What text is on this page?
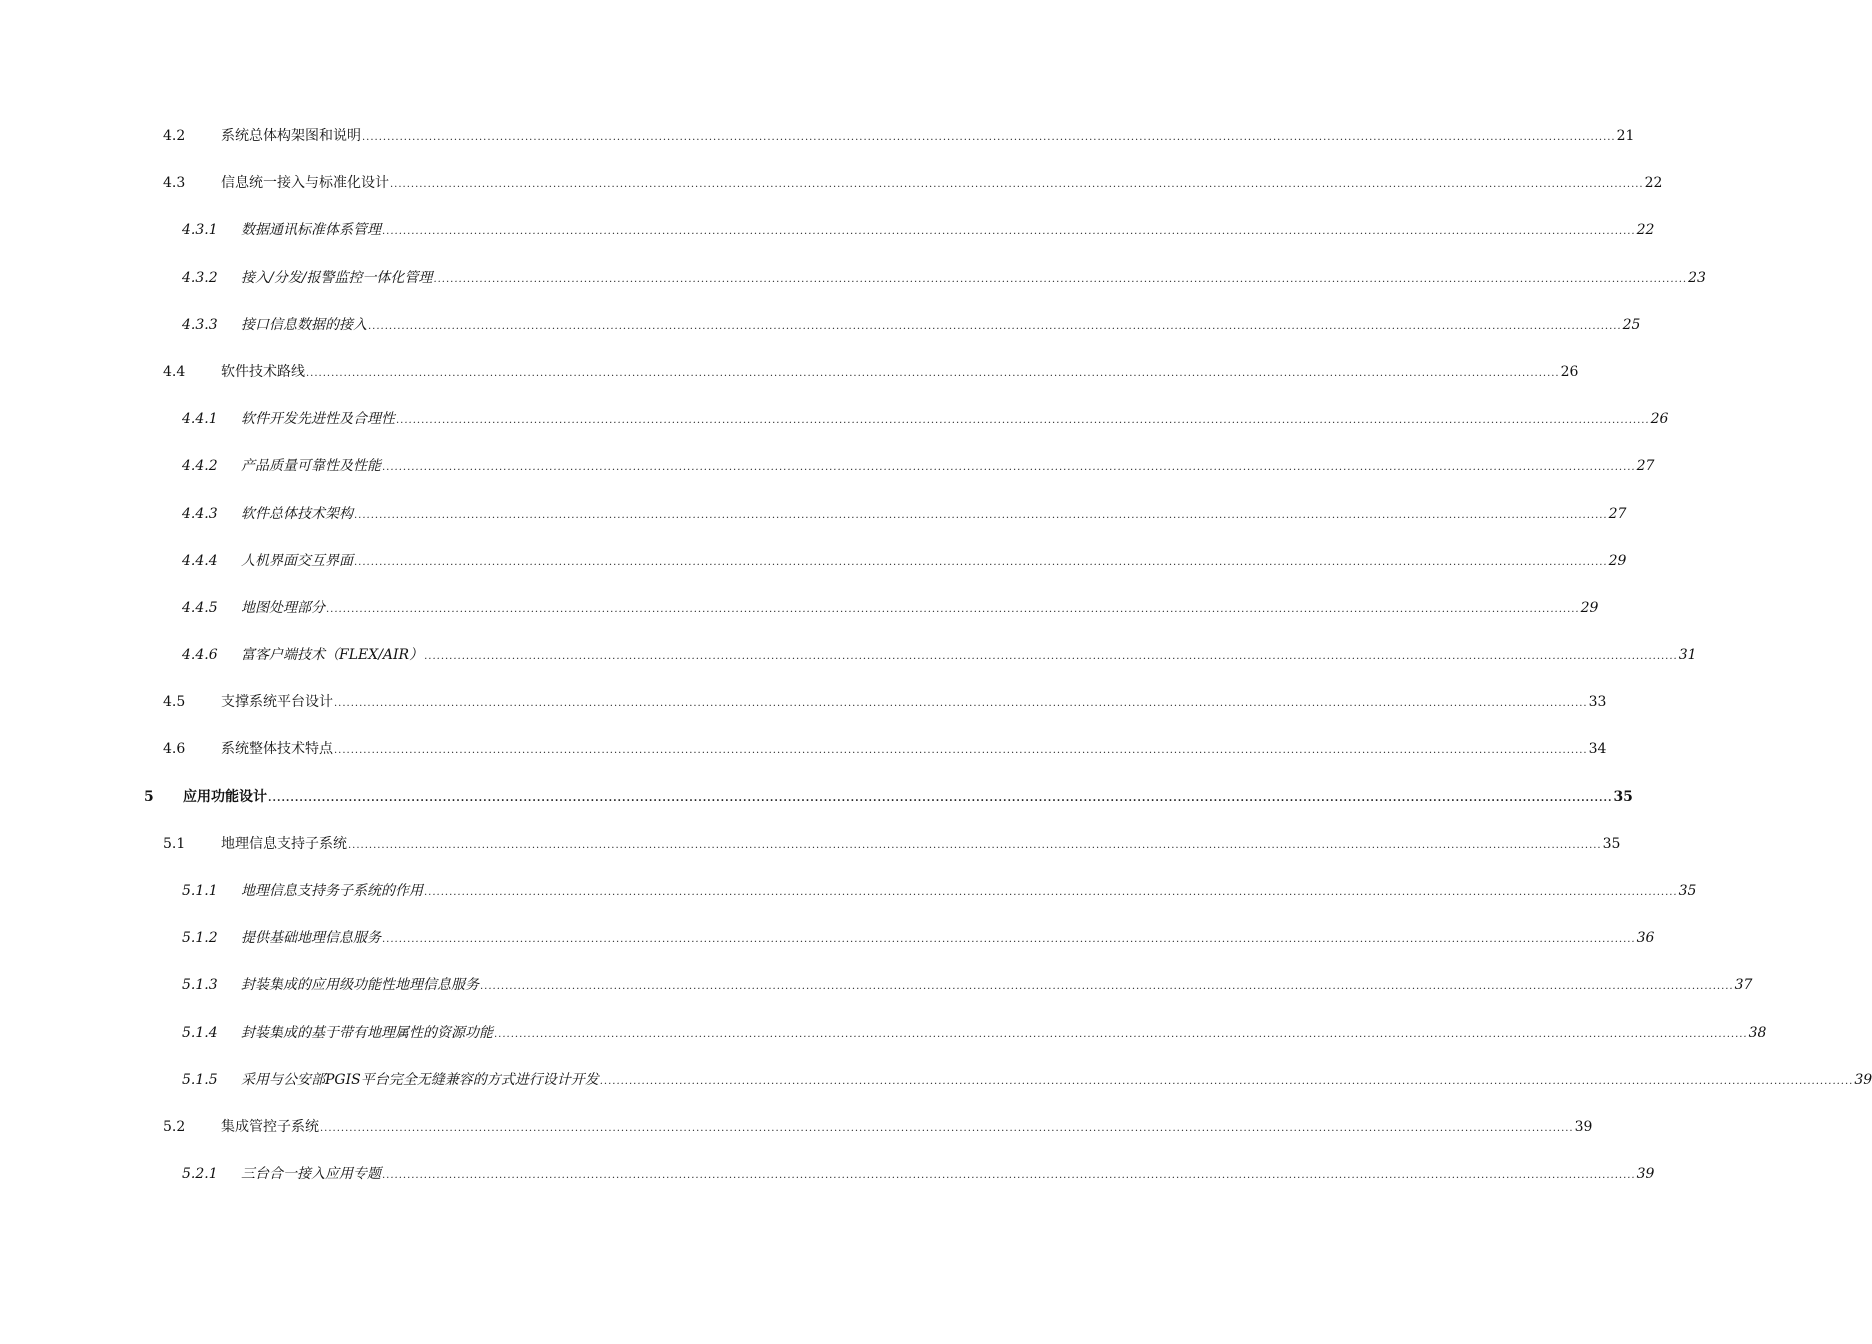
4.2	系统总体构架图和说明 ............................................................................................................................................................................................................................................................................................................ 21
4.3	信息统一接入与标准化设计 ............................................................................................................................................................................................................................................................................................................ 22
4.3.1 数据通讯标准体系管理 ............................................................................................................................................................................................................................................................................................................ 22
4.3.2 接入/分发/报警监控一体化管理 ............................................................................................................................................................................................................................................................................................................ 23
4.3.3 接口信息数据的接入 ............................................................................................................................................................................................................................................................................................................ 25
4.4	软件技术路线 ............................................................................................................................................................................................................................................................................................................ 26
4.4.1 软件开发先进性及合理性 ............................................................................................................................................................................................................................................................................................................ 26
4.4.2 产品质量可靠性及性能 ............................................................................................................................................................................................................................................................................................................ 27
4.4.3 软件总体技术架构 ............................................................................................................................................................................................................................................................................................................ 27
4.4.4 人机界面交互界面 ............................................................................................................................................................................................................................................................................................................ 29
4.4.5 地图处理部分 ............................................................................................................................................................................................................................................................................................................ 29
4.4.6 富客户端技术（FLEX/AIR） ............................................................................................................................................................................................................................................................................................................ 31
4.5	支撑系统平台设计 ............................................................................................................................................................................................................................................................................................................ 33
4.6	系统整体技术特点 ............................................................................................................................................................................................................................................................................................................ 34
5 应用功能设计 ............................................................................................................................................................................................................................................................................................................ 35
5.1	地理信息支持子系统 ............................................................................................................................................................................................................................................................................................................ 35
5.1.1 地理信息支持务子系统的作用 ............................................................................................................................................................................................................................................................................................................ 35
5.1.2 提供基础地理信息服务 ............................................................................................................................................................................................................................................................................................................ 36
5.1.3 封装集成的应用级功能性地理信息服务 ............................................................................................................................................................................................................................................................................................................ 37
5.1.4 封装集成的基于带有地理属性的资源功能 ............................................................................................................................................................................................................................................................................................................ 38
5.1.5 采用与公安部PGIS平台完全无缝兼容的方式进行设计开发 ............................................................................................................................................................................................................................................................................................................ 39
5.2	集成管控子系统 ............................................................................................................................................................................................................................................................................................................ 39
5.2.1 三台合一接入应用专题 ............................................................................................................................................................................................................................................................................................................ 39
